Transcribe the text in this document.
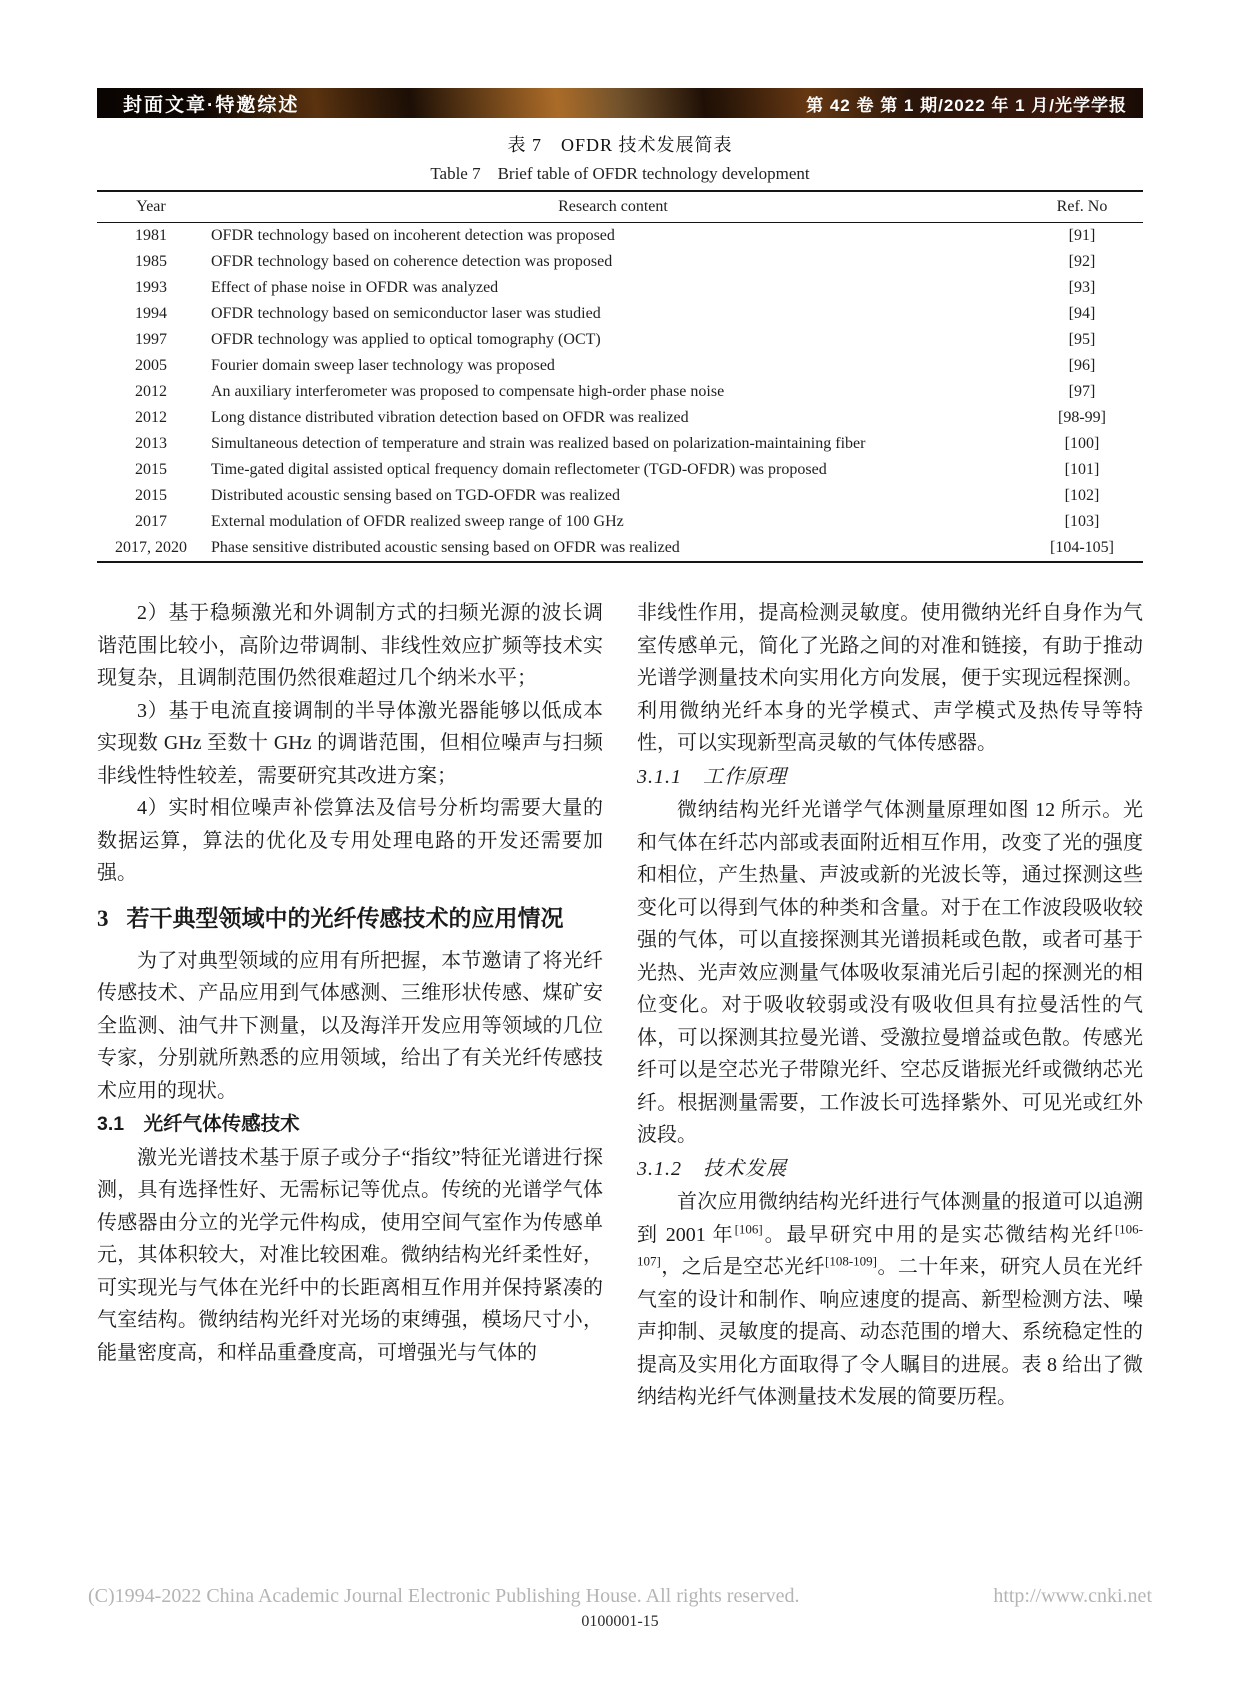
封面文章·特邀综述	第 42 卷 第 1 期/2022 年 1 月/光学学报
表 7　OFDR 技术发展简表
Table 7　Brief table of OFDR technology development
Year	Research content	Ref. No
1981	OFDR technology based on incoherent detection was proposed	[91]
1985	OFDR technology based on coherence detection was proposed	[92]
1993	Effect of phase noise in OFDR was analyzed	[93]
1994	OFDR technology based on semiconductor laser was studied	[94]
1997	OFDR technology was applied to optical tomography (OCT)	[95]
2005	Fourier domain sweep laser technology was proposed	[96]
2012	An auxiliary interferometer was proposed to compensate high-order phase noise	[97]
2012	Long distance distributed vibration detection based on OFDR was realized	[98-99]
2013	Simultaneous detection of temperature and strain was realized based on polarization-maintaining fiber	[100]
2015	Time-gated digital assisted optical frequency domain reflectometer (TGD-OFDR) was proposed	[101]
2015	Distributed acoustic sensing based on TGD-OFDR was realized	[102]
2017	External modulation of OFDR realized sweep range of 100 GHz	[103]
2017, 2020	Phase sensitive distributed acoustic sensing based on OFDR was realized	[104-105]

2）基于稳频激光和外调制方式的扫频光源的波长调谐范围比较小，高阶边带调制、非线性效应扩频等技术实现复杂，且调制范围仍然很难超过几个纳米水平；

3）基于电流直接调制的半导体激光器能够以低成本实现数 GHz 至数十 GHz 的调谐范围，但相位噪声与扫频非线性特性较差，需要研究其改进方案；

4）实时相位噪声补偿算法及信号分析均需要大量的数据运算，算法的优化及专用处理电路的开发还需要加强。

3 若干典型领域中的光纤传感技术的应用情况

为了对典型领域的应用有所把握，本节邀请了将光纤传感技术、产品应用到气体感测、三维形状传感、煤矿安全监测、油气井下测量，以及海洋开发应用等领域的几位专家，分别就所熟悉的应用领域，给出了有关光纤传感技术应用的现状。

3.1　光纤气体传感技术

激光光谱技术基于原子或分子“指纹”特征光谱进行探测，具有选择性好、无需标记等优点。传统的光谱学气体传感器由分立的光学元件构成，使用空间气室作为传感单元，其体积较大，对准比较困难。微纳结构光纤柔性好，可实现光与气体在光纤中的长距离相互作用并保持紧凑的气室结构。微纳结构光纤对光场的束缚强，模场尺寸小，能量密度高，和样品重叠度高，可增强光与气体的

非线性作用，提高检测灵敏度。使用微纳光纤自身作为气室传感单元，简化了光路之间的对准和链接，有助于推动光谱学测量技术向实用化方向发展，便于实现远程探测。利用微纳光纤本身的光学模式、声学模式及热传导等特性，可以实现新型高灵敏的气体传感器。

3.1.1　工作原理

微纳结构光纤光谱学气体测量原理如图 12 所示。光和气体在纤芯内部或表面附近相互作用，改变了光的强度和相位，产生热量、声波或新的光波长等，通过探测这些变化可以得到气体的种类和含量。对于在工作波段吸收较强的气体，可以直接探测其光谱损耗或色散，或者可基于光热、光声效应测量气体吸收泵浦光后引起的探测光的相位变化。对于吸收较弱或没有吸收但具有拉曼活性的气体，可以探测其拉曼光谱、受激拉曼增益或色散。传感光纤可以是空芯光子带隙光纤、空芯反谐振光纤或微纳芯光纤。根据测量需要，工作波长可选择紫外、可见光或红外波段。

3.1.2　技术发展

首次应用微纳结构光纤进行气体测量的报道可以追溯到 2001 年[106]。最早研究中用的是实芯微结构光纤[106-107]，之后是空芯光纤[108-109]。二十年来，研究人员在光纤气室的设计和制作、响应速度的提高、新型检测方法、噪声抑制、灵敏度的提高、动态范围的增大、系统稳定性的提高及实用化方面取得了令人瞩目的进展。表 8 给出了微纳结构光纤气体测量技术发展的简要历程。

(C)1994-2022 China Academic Journal Electronic Publishing House. All rights reserved.	http://www.cnki.net
0100001-15
